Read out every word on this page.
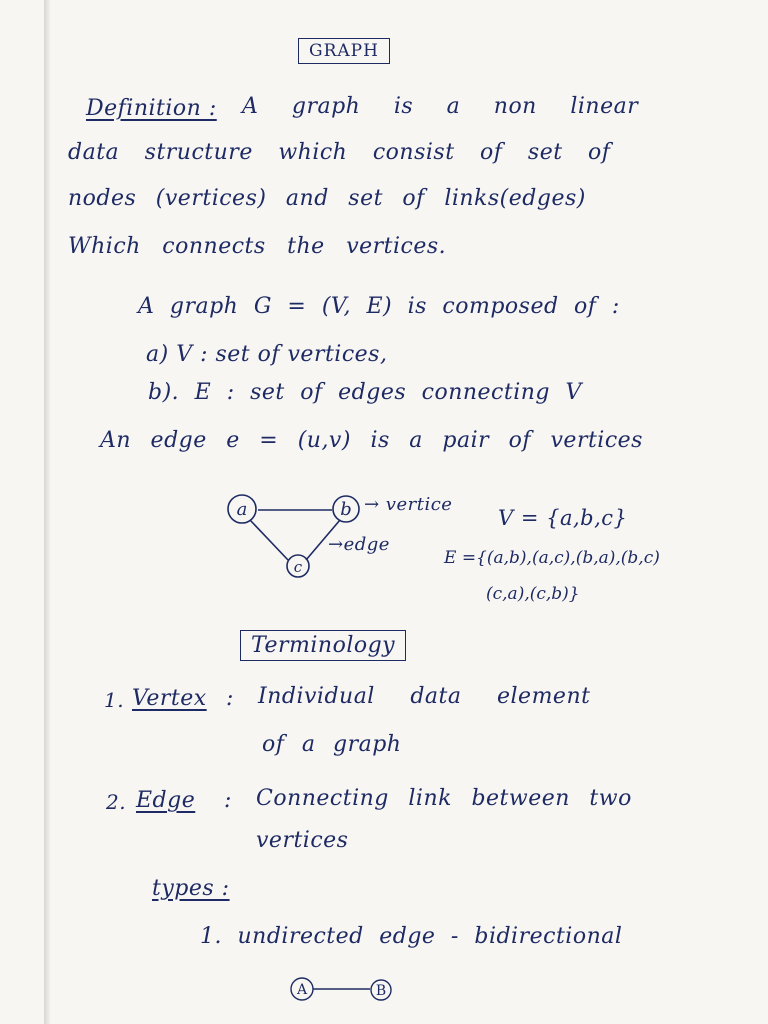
GRAPH
Definition : A graph is a non linear
data structure which consist of set of
nodes (vertices) and set of links(edges)
Which connects the vertices.
A graph G = (V, E) is composed of :
a) V : set of vertices,
b). E : set of edges connecting V
An edge e = (u,v) is a pair of vertices
a	b
c
A	B
→ vertice
→edge
V = {a,b,c}
E ={(a,b),(a,c),(b,a),(b,c)
(c,a),(c,b)}
Terminology
1. Vertex : Individual data element
of a graph
2. Edge : Connecting link between two
vertices
types :
1. undirected edge - bidirectional
